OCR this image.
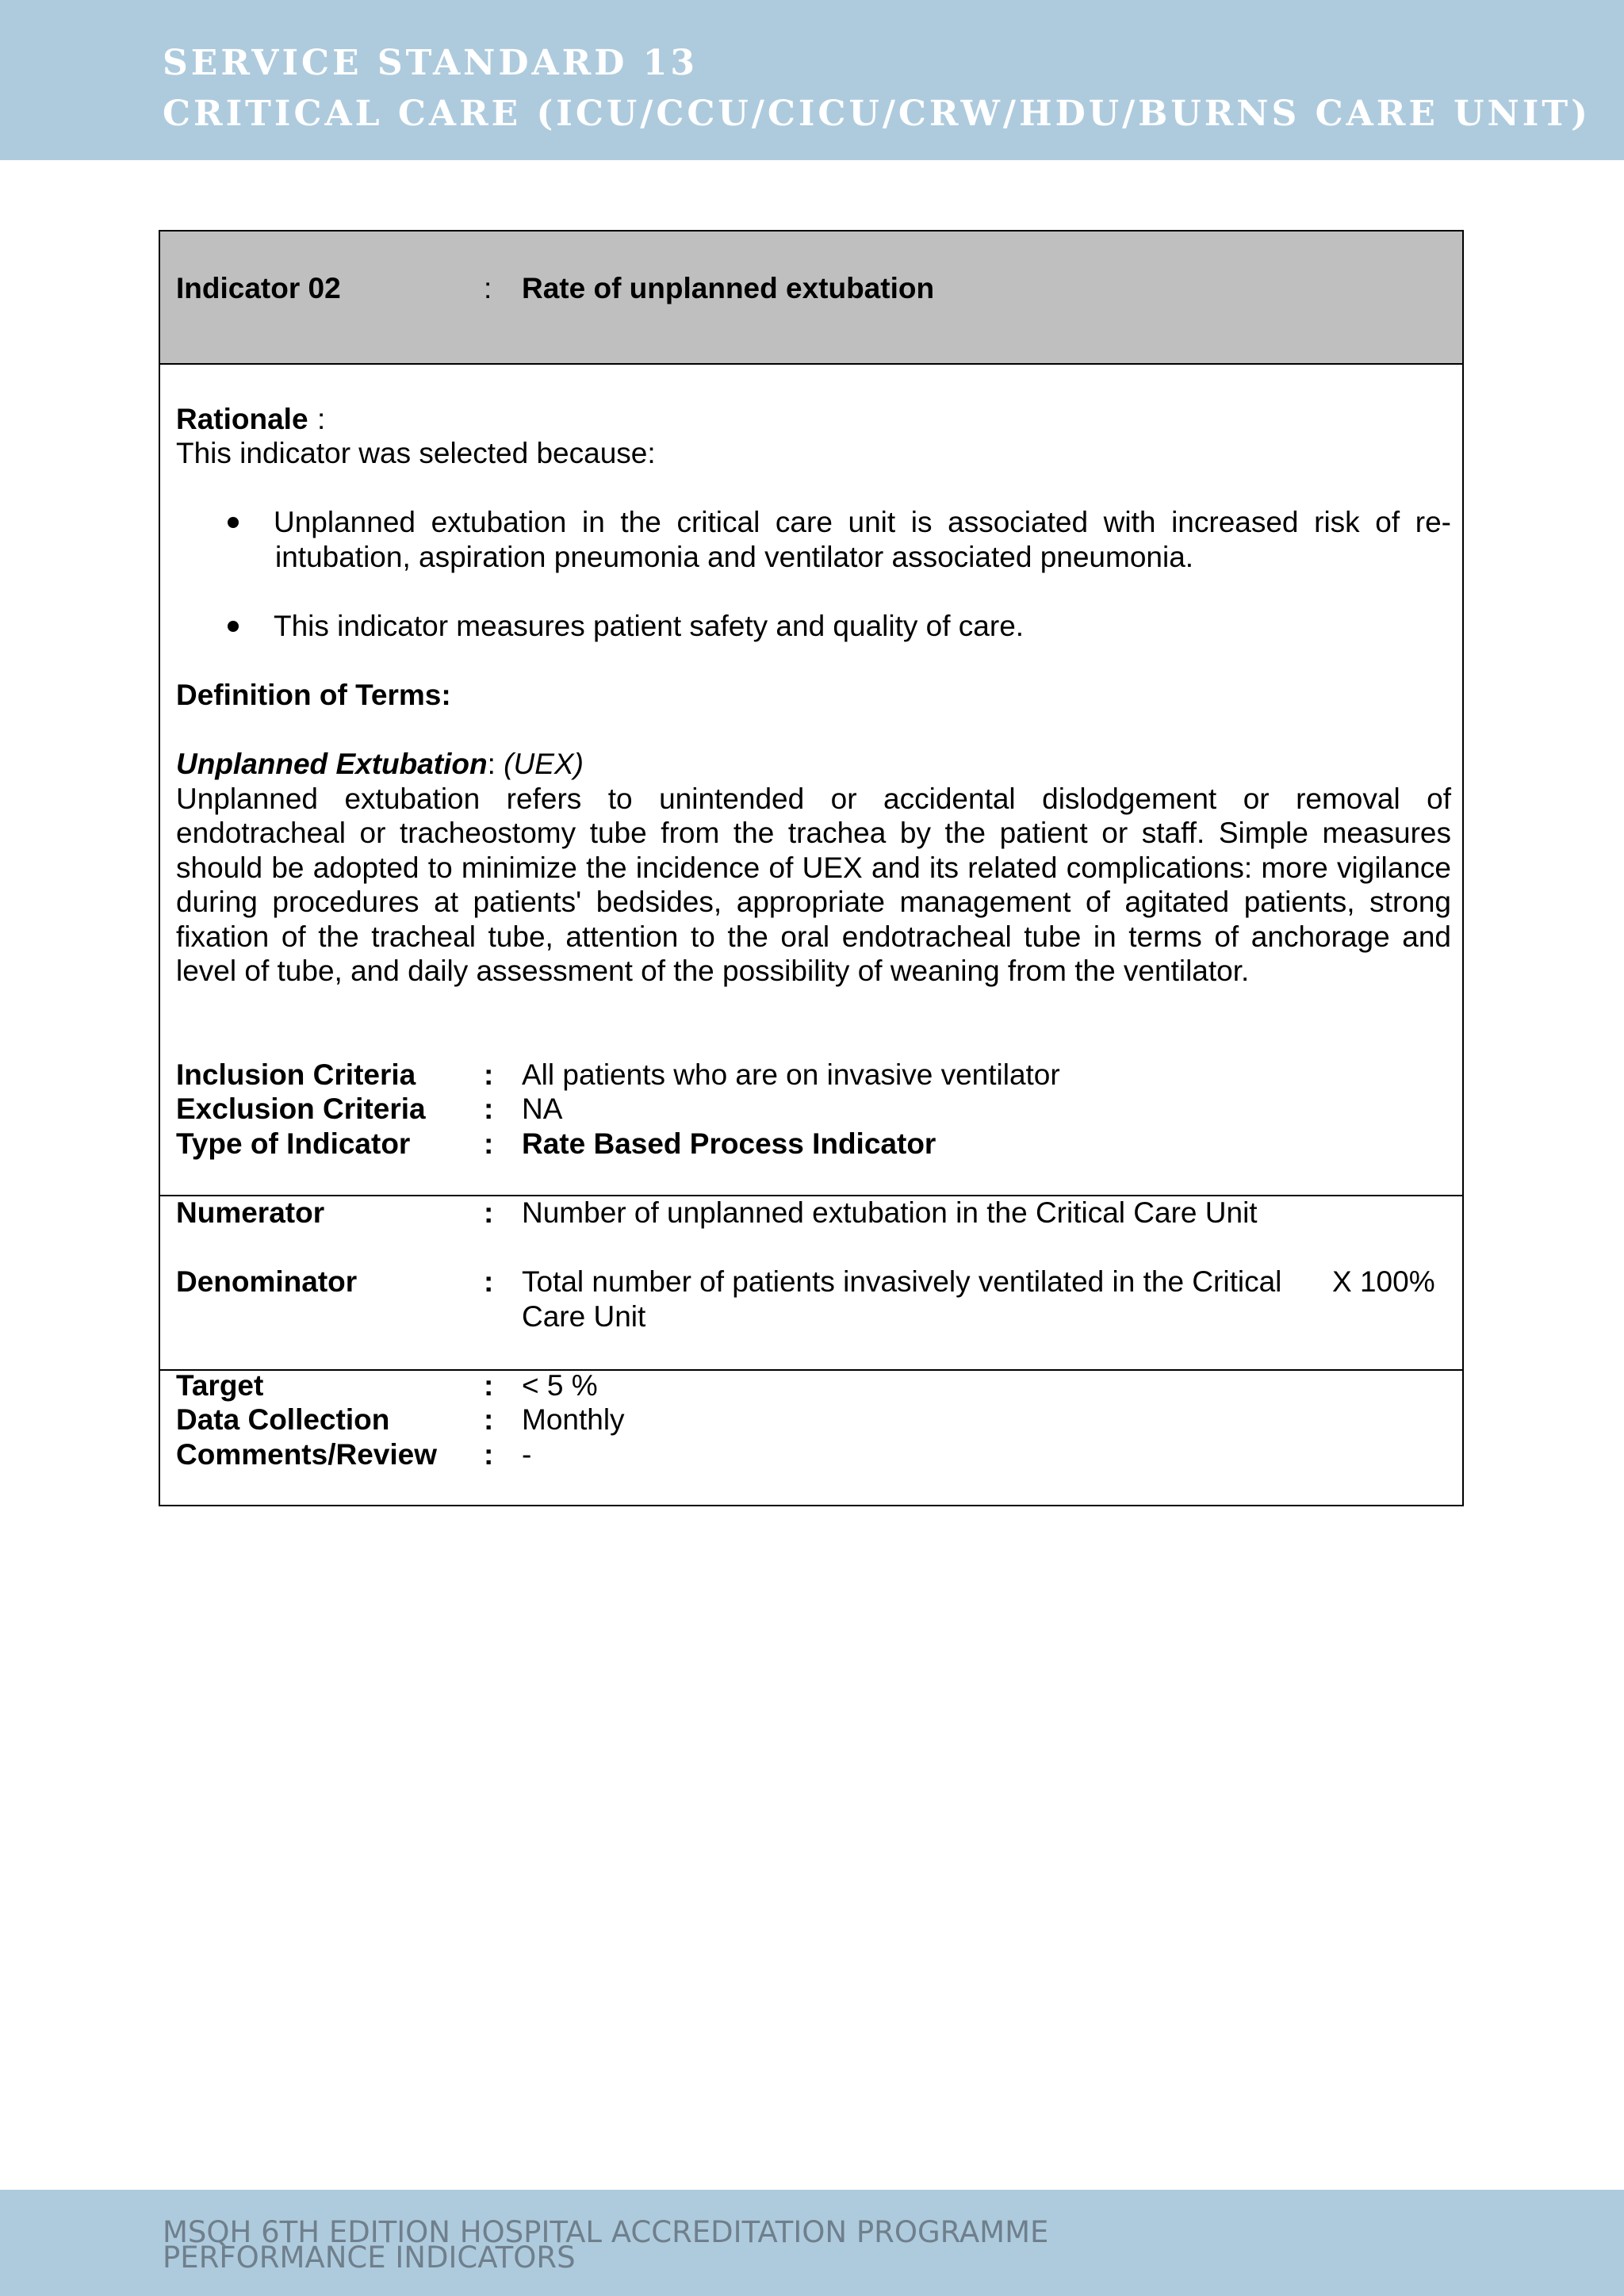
SERVICE STANDARD 13
CRITICAL CARE (ICU/CCU/CICU/CRW/HDU/BURNS CARE UNIT)
Indicator 02	: Rate of unplanned extubation
Rationale :
This indicator was selected because:
Unplanned extubation in the critical care unit is associated with increased risk of re-
intubation, aspiration pneumonia and ventilator associated pneumonia.
This indicator measures patient safety and quality of care.
Definition of Terms:
Unplanned Extubation: (UEX)
Unplanned extubation refers to unintended or accidental dislodgement or removal of
endotracheal or tracheostomy tube from the trachea by the patient or staff. Simple measures
should be adopted to minimize the incidence of UEX and its related complications: more vigilance
during procedures at patients' bedsides, appropriate management of agitated patients, strong
fixation of the tracheal tube, attention to the oral endotracheal tube in terms of anchorage and
level of tube, and daily assessment of the possibility of weaning from the ventilator.
Inclusion Criteria : All patients who are on invasive ventilator
Exclusion Criteria : NA
Type of Indicator	: Rate Based Process Indicator
Numerator	: Number of unplanned extubation in the Critical Care Unit
Denominator	: Total number of patients invasively ventilated in the Critical
Care Unit
X 100%
Target	: < 5 %
Data Collection	: Monthly
Comments/Review : -
MSQH 6TH EDITION HOSPITAL ACCREDITATION PROGRAMME
PERFORMANCE INDICATORS
